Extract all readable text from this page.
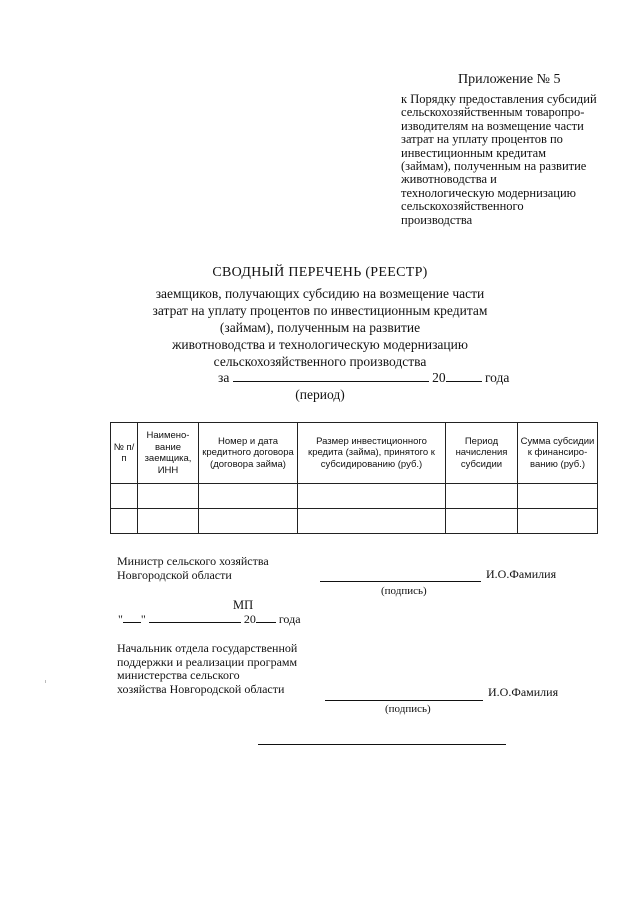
Приложение № 5
к Порядку предоставления субсидий
сельскохозяйственным товаропро-
изводителям на возмещение части
затрат на уплату процентов по
инвестиционным кредитам
(займам), полученным на развитие
животноводства и
технологическую модернизацию
сельскохозяйственного
производства
СВОДНЫЙ ПЕРЕЧЕНЬ (РЕЕСТР)
заемщиков, получающих субсидию на возмещение части
затрат на уплату процентов по инвестиционным кредитам
(займам), полученным на развитие
животноводства и технологическую модернизацию
сельскохозяйственного производства
за	20	года
(период)
№ п/п	Наимено-вание заемщика, ИНН	Номер и дата кредитного договора (договора займа)	Размер инвестиционного кредита (займа), принятого к субсидированию (руб.)	Период начисления субсидии	Сумма субсидии к финансиро-ванию (руб.)

Министр сельского хозяйства
Новгородской области	И.О.Фамилия
(подпись)
МП
" "	20 года
Начальник отдела государственной
поддержки и реализации программ
министерства сельского
хозяйства Новгородской области	И.О.Фамилия
(подпись)
